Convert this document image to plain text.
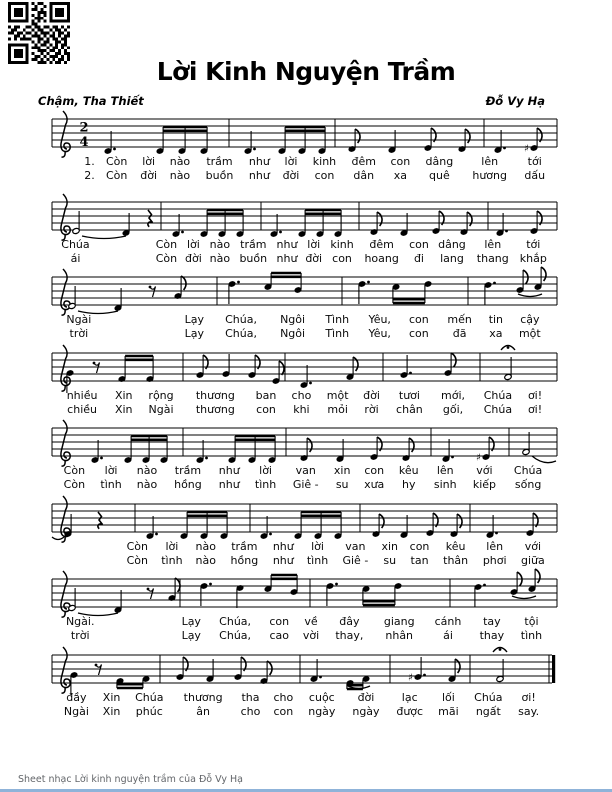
Lời Kinh Nguyện Trầm
Chậm, Tha Thiết	Đỗ Vy Hạ
2
4	♯
♯
♯
1.	Còn	lời	nào	trầm	như	lời	kinh	đêm	con	dâng	lên	tới
2.	Còn	đời	nào	buồn	như	đời	con	dân	xa	quê	hương	dấu
Chúa		Còn	lời	nào	trầm	như	lời	kinh	đêm	con	dâng	lên	tới
ái		Còn	đời	nào	buồn	như	đời	con	hoang	đi	lang	thang	khắp
Ngài		Lạy	Chúa,	Ngôi	Tình	Yêu,	con	mến	tin	cậy
trời		Lạy	Chúa,	Ngôi	Tình	Yêu,	con	đã	xa	một
nhiều	Xin	rộng	thương	ban	cho	một	đời	tươi	mới,	Chúa	ơi!
chiều	Xin	Ngài	thương	con	khi	mỏi	rời	chân	gối,	Chúa	ơi!
Còn	lời	nào	trầm	như	lời	van	xin	con	kêu	lên	với	Chúa
Còn	tình	nào	hồng	như	tình	Giê -	su	xưa	hy	sinh	kiếp	sống
Còn	lời	nào	trầm	như	lời	van	xin	con	kêu	lên	với
Còn	tình	nào	hồng	như	tình	Giê -	su	tan	thân	phơi	giữa
Ngài.		Lạy	Chúa,	con	về	đây	giang	cánh	tay	tội
trời		Lạy	Chúa,	cao	vời	thay,	nhân	ái	thay	tình
đầy	Xin	Chúa	thương	tha	cho	cuộc	đời	lạc	lối	Chúa	ơi!
Ngài	Xin	phúc	ân	cho	con	ngày	ngày	được	mãi	ngất	say.
Sheet nhạc Lời kinh nguyện trầm của Đỗ Vy Hạ
